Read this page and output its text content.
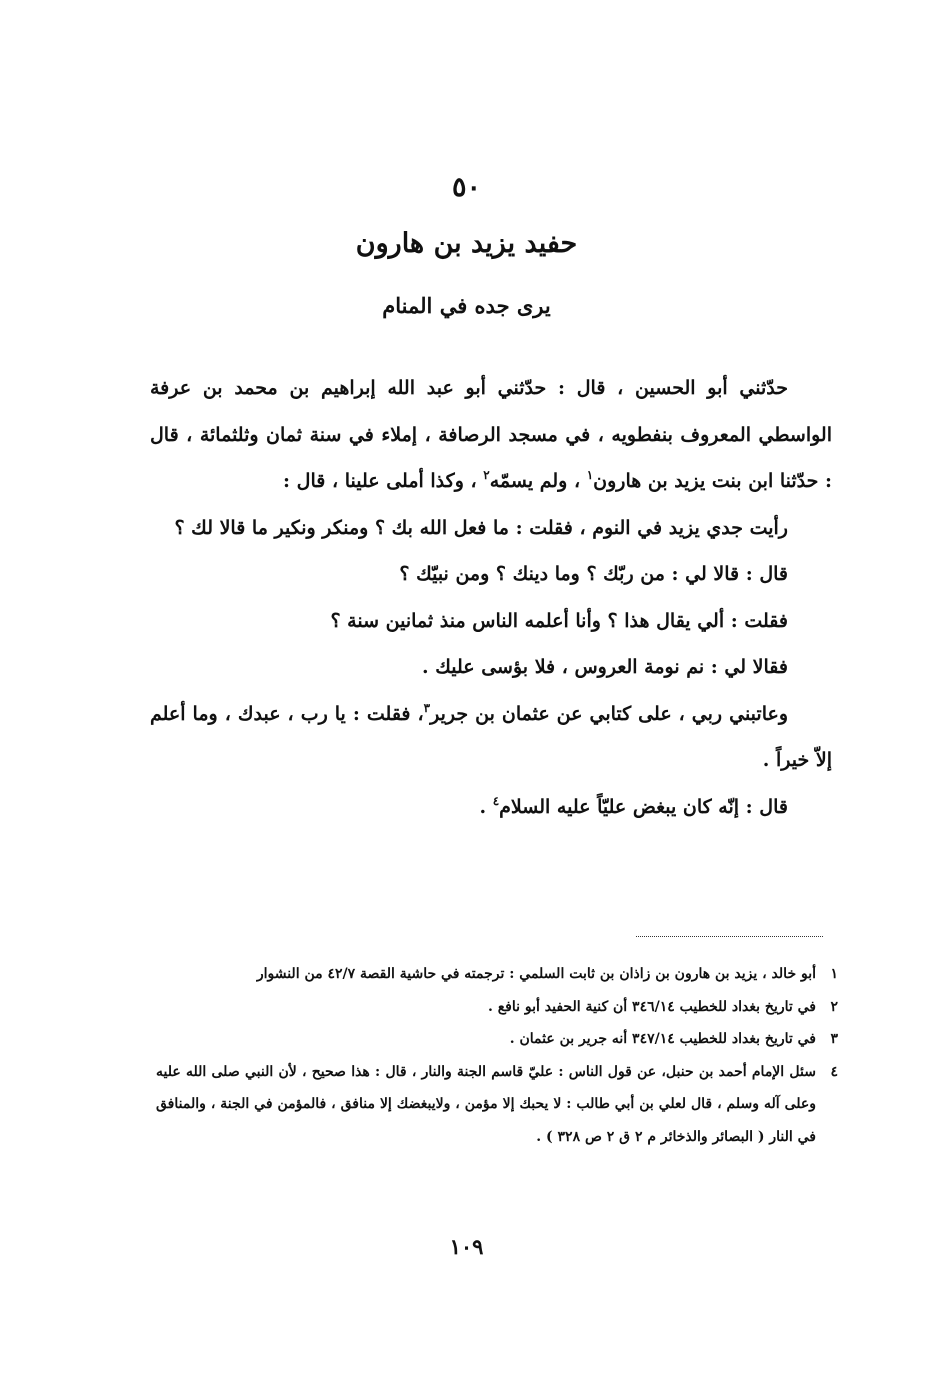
٥٠
حفيد يزيد بن هارون
يرى جده في المنام

حدّثني أبو الحسين ، قال : حدّثني أبو عبد الله إبراهيم بن محمد بن عرفة الواسطي المعروف بنفطويه ، في مسجد الرصافة ، إملاء في سنة ثمان وثلثمائة ، قال : حدّثنا ابن بنت يزيد بن هارون$^١$ ، ولم يسمّه$^٢$ ، وكذا أملى علينا ، قال :

رأيت جدي يزيد في النوم ، فقلت : ما فعل الله بك ؟ ومنكر ونكير ما قالا لك ؟

قال : قالا لي : من ربّك ؟ وما دينك ؟ ومن نبيّك ؟

فقلت : ألي يقال هذا ؟ وأنا أعلمه الناس منذ ثمانين سنة ؟

فقالا لي : نم نومة العروس ، فلا بؤسى عليك .

وعاتبني ربي ، على كتابي عن عثمان بن جرير$^٣$، فقلت : يا رب ، عبدك ، وما أعلم إلاّ خيراً .

قال : إنّه كان يبغض عليّاً عليه السلام$^٤$ .

١
أبو خالد ، يزيد بن هارون بن زاذان بن ثابت السلمي : ترجمته في حاشية القصة ٤٢/٧ من النشوار
٢
في تاريخ بغداد للخطيب ٣٤٦/١٤ أن كنية الحفيد أبو نافع .
٣
في تاريخ بغداد للخطيب ٣٤٧/١٤ أنه جرير بن عثمان .
٤
سئل الإمام أحمد بن حنبل، عن قول الناس : عليّ قاسم الجنة والنار ، قال : هذا صحيح ، لأن النبي صلى الله عليه وعلى آله وسلم ، قال لعلي بن أبي طالب : لا يحبك إلا مؤمن ، ولايبغضك إلا منافق ، فالمؤمن في الجنة ، والمنافق في النار ( البصائر والذخائر م ٢ ق ٢ ص ٣٢٨ ) .
١٠٩
